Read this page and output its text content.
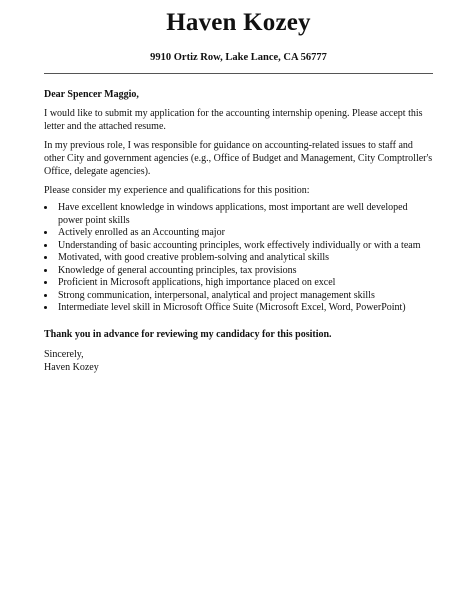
Haven Kozey
9910 Ortiz Row, Lake Lance, CA 56777
Dear Spencer Maggio,

I would like to submit my application for the accounting internship opening. Please accept this letter and the attached resume.

In my previous role, I was responsible for guidance on accounting-related issues to staff and other City and government agencies (e.g., Office of Budget and Management, City Comptroller's Office, delegate agencies).

Please consider my experience and qualifications for this position:

• Have excellent knowledge in windows applications, most important are well developed power point skills
• Actively enrolled as an Accounting major
• Understanding of basic accounting principles, work effectively individually or with a team
• Motivated, with good creative problem-solving and analytical skills
• Knowledge of general accounting principles, tax provisions
• Proficient in Microsoft applications, high importance placed on excel
• Strong communication, interpersonal, analytical and project management skills
• Intermediate level skill in Microsoft Office Suite (Microsoft Excel, Word, PowerPoint)

Thank you in advance for reviewing my candidacy for this position.

Sincerely,

Haven Kozey
